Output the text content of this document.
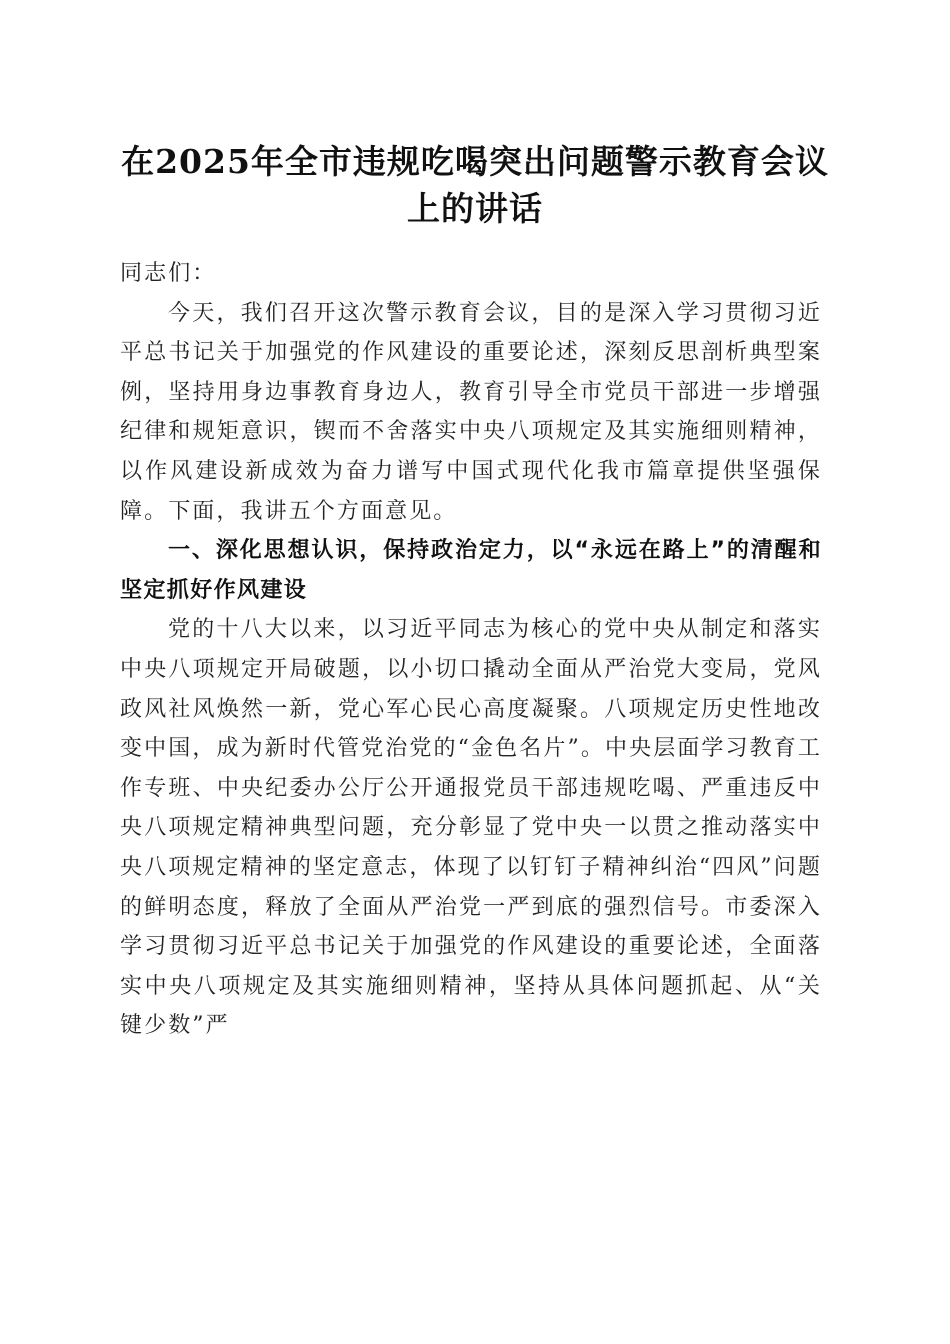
在2025年全市违规吃喝突出问题警示教育会议上的讲话

同志们：

今天，我们召开这次警示教育会议，目的是深入学习贯彻习近平总书记关于加强党的作风建设的重要论述，深刻反思剖析典型案例，坚持用身边事教育身边人，教育引导全市党员干部进一步增强纪律和规矩意识，锲而不舍落实中央八项规定及其实施细则精神，以作风建设新成效为奋力谱写中国式现代化我市篇章提供坚强保障。下面，我讲五个方面意见。

一、深化思想认识，保持政治定力，以“永远在路上”的清醒和坚定抓好作风建设

党的十八大以来，以习近平同志为核心的党中央从制定和落实中央八项规定开局破题，以小切口撬动全面从严治党大变局，党风政风社风焕然一新，党心军心民心高度凝聚。八项规定历史性地改变中国，成为新时代管党治党的“金色名片”。中央层面学习教育工作专班、中央纪委办公厅公开通报党员干部违规吃喝、严重违反中央八项规定精神典型问题，充分彰显了党中央一以贯之推动落实中央八项规定精神的坚定意志，体现了以钉钉子精神纠治“四风”问题的鲜明态度，释放了全面从严治党一严到底的强烈信号。市委深入学习贯彻习近平总书记关于加强党的作风建设的重要论述，全面落实中央八项规定及其实施细则精神，坚持从具体问题抓起、从“关键少数”严
